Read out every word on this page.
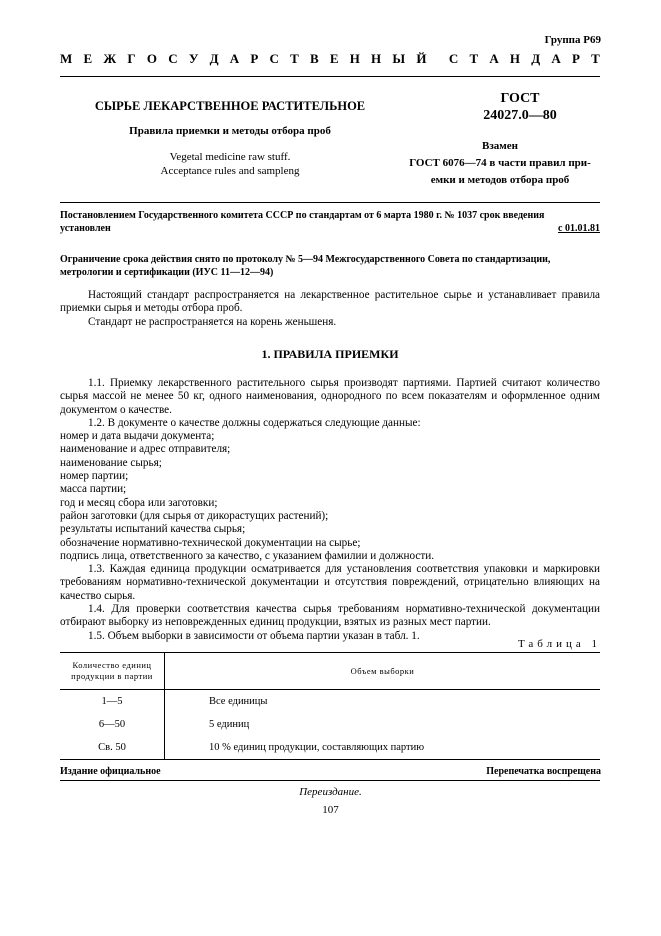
Группа Р69
М Е Ж Г О С У Д А Р С Т В Е Н Н Ы Й С Т А Н Д А Р Т
СЫРЬЕ ЛЕКАРСТВЕННОЕ РАСТИТЕЛЬНОЕ
Правила приемки и методы отбора проб
Vegetal medicine raw stuff.
Acceptance rules and sampleng
ГОСТ
24027.0—80
Взамен
ГОСТ 6076—74 в части правил при-
емки и методов отбора проб
Постановлением Государственного комитета СССР по стандартам от 6 марта 1980 г. № 1037 срок введения
установлен	с 01.01.81
Ограничение срока действия снято по протоколу № 5—94 Межгосударственного Совета по стандартизации,
метрологии и сертификации (ИУС 11—12—94)
Настоящий стандарт распространяется на лекарственное растительное сырье и устанавливает правила приемки сырья и методы отбора проб.
Стандарт не распространяется на корень женьшеня.
1. ПРАВИЛА ПРИЕМКИ
1.1. Приемку лекарственного растительного сырья производят партиями. Партией считают количество сырья массой не менее 50 кг, одного наименования, однородного по всем показателям и оформленное одним документом о качестве.
1.2. В документе о качестве должны содержаться следующие данные:
номер и дата выдачи документа;
наименование и адрес отправителя;
наименование сырья;
номер партии;
масса партии;
год и месяц сбора или заготовки;
район заготовки (для сырья от дикорастущих растений);
результаты испытаний качества сырья;
обозначение нормативно-технической документации на сырье;
подпись лица, ответственного за качество, с указанием фамилии и должности.
1.3. Каждая единица продукции осматривается для установления соответствия упаковки и маркировки требованиям нормативно-технической документации и отсутствия повреждений, отрицательно влияющих на качество сырья.
1.4. Для проверки соответствия качества сырья требованиям нормативно-технической документации отбирают выборку из неповрежденных единиц продукции, взятых из разных мест партии.
1.5. Объем выборки в зависимости от объема партии указан в табл. 1.
Таблица 1
Количество единиц
продукции в партии	Объем выборки
1—5	Все единицы
6—50	5 единиц
Св. 50	10 % единиц продукции, составляющих партию
Издание официальное	Перепечатка воспрещена
Переиздание.
107
